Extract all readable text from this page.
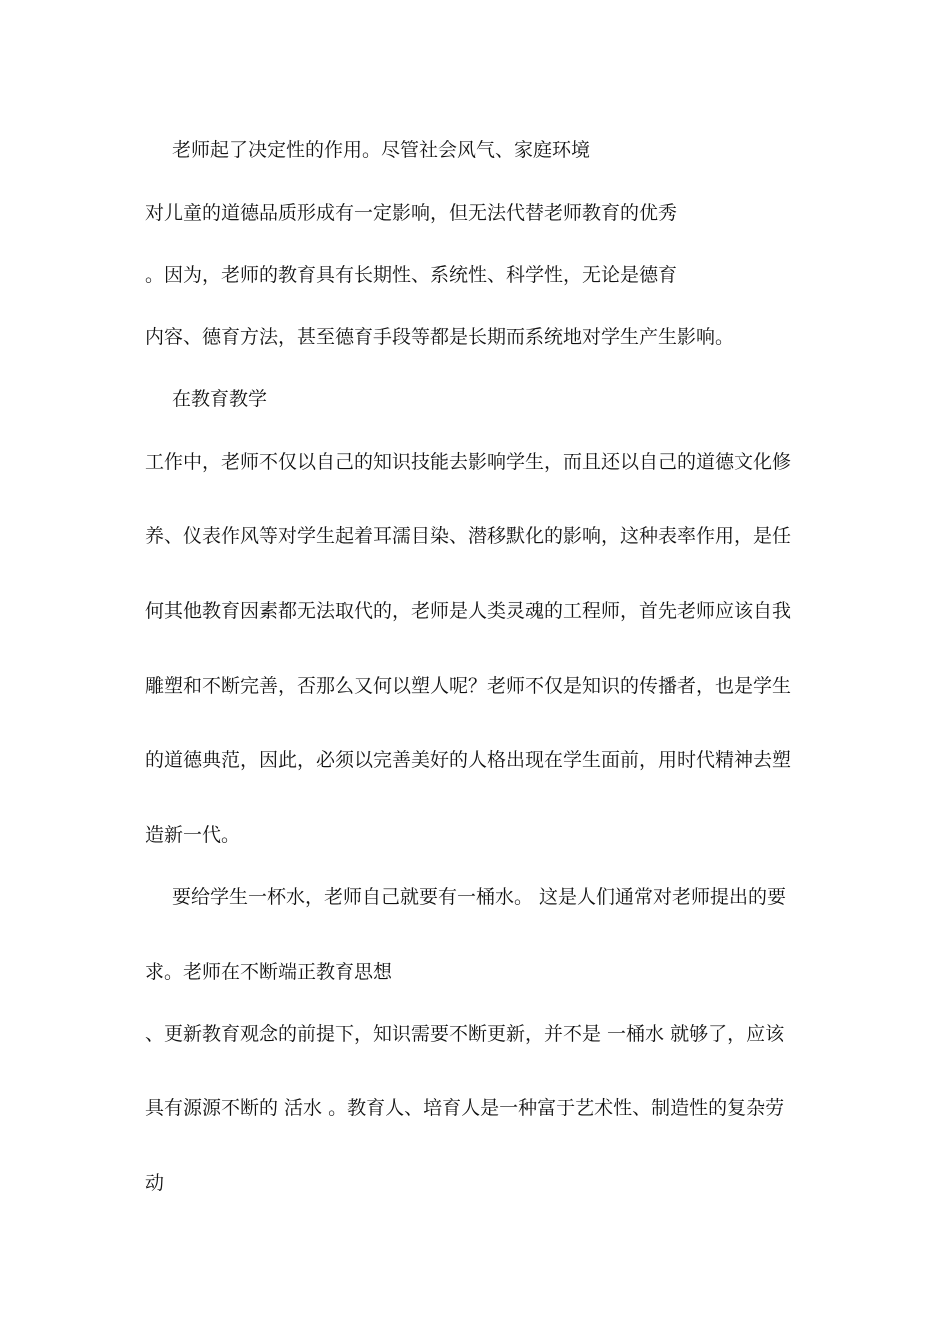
老师起了决定性的作用。尽管社会风气、家庭环境
对儿童的道德品质形成有一定影响，但无法代替老师教育的优秀
。因为，老师的教育具有长期性、系统性、科学性，无论是德育
内容、德育方法，甚至德育手段等都是长期而系统地对学生产生影响。
在教育教学
工作中，老师不仅以自己的知识技能去影响学生，而且还以自己的道德文化修
养、仪表作风等对学生起着耳濡目染、潜移默化的影响，这种表率作用，是任
何其他教育因素都无法取代的，老师是人类灵魂的工程师，首先老师应该自我
雕塑和不断完善，否那么又何以塑人呢？老师不仅是知识的传播者，也是学生
的道德典范，因此，必须以完善美好的人格出现在学生面前，用时代精神去塑
造新一代。
要给学生一杯水，老师自己就要有一桶水。 这是人们通常对老师提出的要
求。老师在不断端正教育思想
、更新教育观念的前提下，知识需要不断更新，并不是 一桶水 就够了，应该
具有源源不断的 活水 。教育人、培育人是一种富于艺术性、制造性的复杂劳
动
